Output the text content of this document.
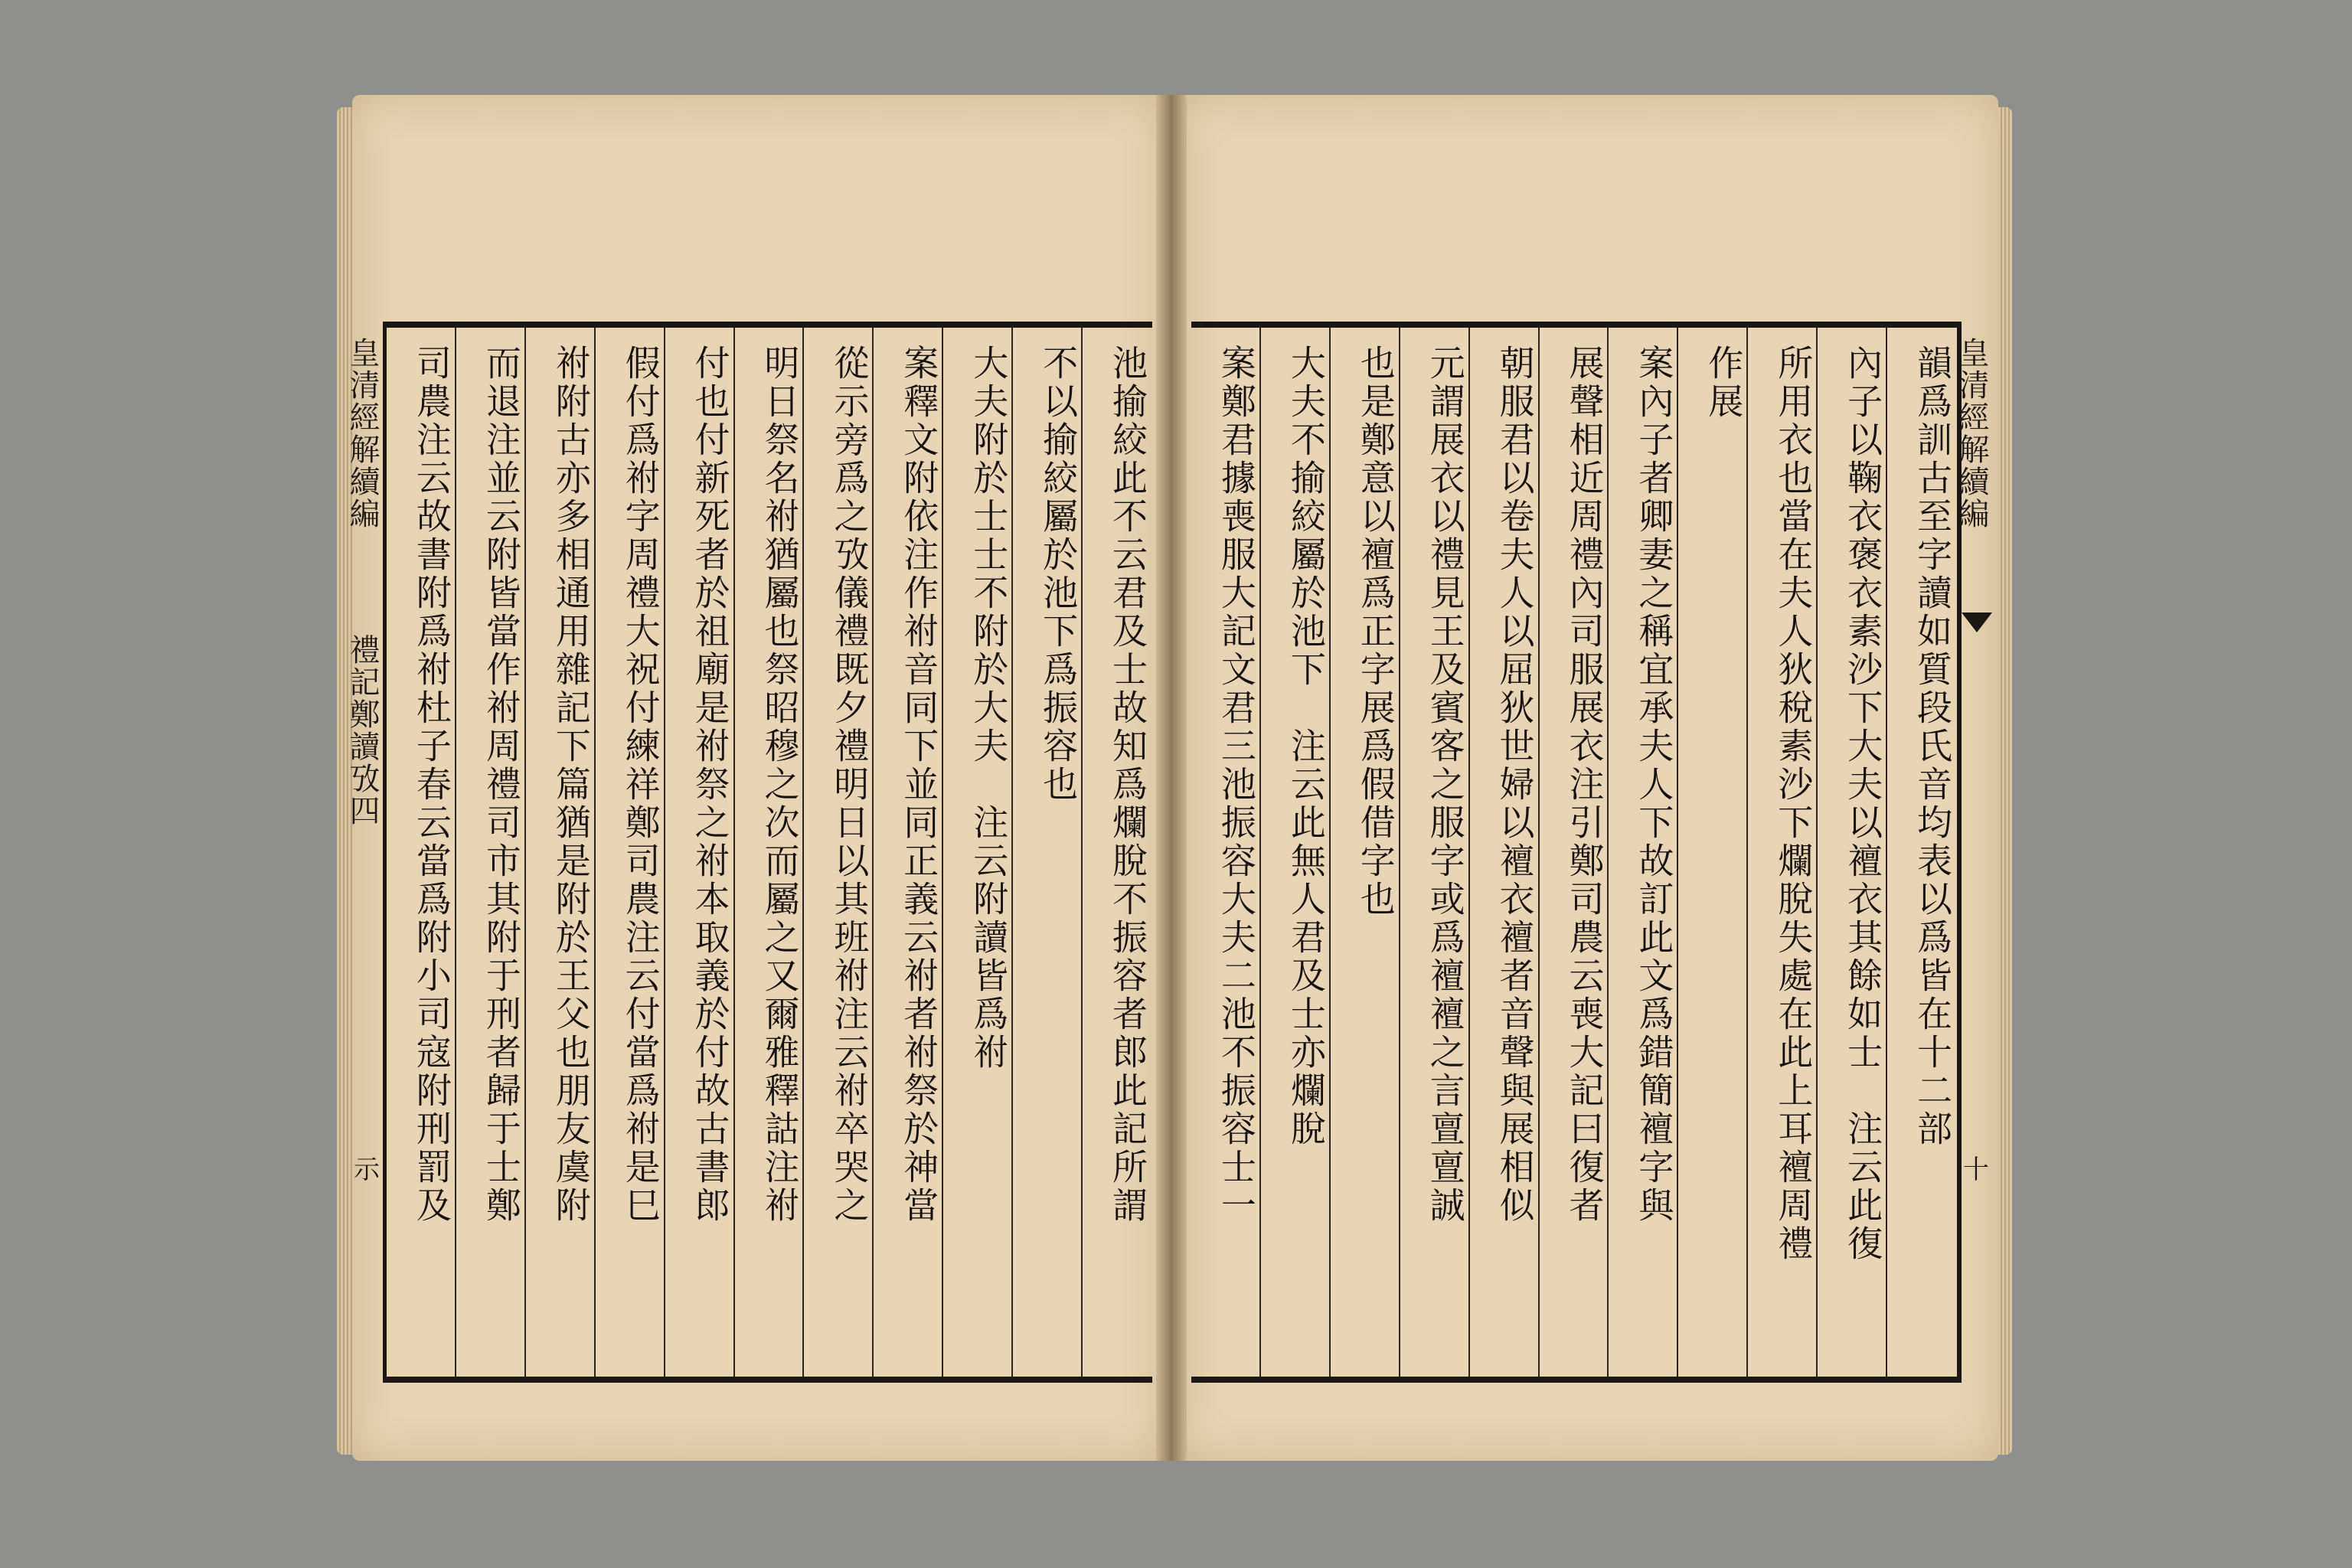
皇清經解續編  禮記鄭讀攷四
示
皇清經解續編
十
池揄絞此不云君及士故知爲爛脫不振容者郎此記所謂
不以揄絞屬於池下爲振容也
大夫附於士士不附於大夫　注云附讀皆爲祔
案釋文附依注作祔音同下並同正義云祔者祔祭於神當
從示旁爲之攷儀禮既夕禮明日以其班祔注云祔卒哭之
明日祭名祔猶屬也祭昭穆之次而屬之又爾雅釋詁注祔
付也付新死者於祖廟是祔祭之祔本取義於付故古書郎
假付爲祔字周禮大祝付練祥鄭司農注云付當爲祔是巳
祔附古亦多相通用雜記下篇猶是附於王父也朋友虞附
而退注並云附皆當作祔周禮司市其附于刑者歸于士鄭
司農注云故書附爲祔杜子春云當爲附小司寇附刑罰及	韻爲訓古至字讀如質段氏音均表以爲皆在十二部
內子以鞠衣褒衣素沙下大夫以襢衣其餘如士　注云此復
所用衣也當在夫人狄稅素沙下爛脫失處在此上耳襢周禮
作展
案內子者卿妻之稱宜承夫人下故訂此文爲錯簡襢字與
展聲相近周禮內司服展衣注引鄭司農云喪大記曰復者
朝服君以卷夫人以屈狄世婦以襢衣襢者音聲與展相似
元謂展衣以禮見王及賓客之服字或爲襢襢之言亶亶誠
也是鄭意以襢爲正字展爲假借字也
大夫不揄絞屬於池下　注云此無人君及士亦爛脫
案鄭君據喪服大記文君三池振容大夫二池不振容士一
